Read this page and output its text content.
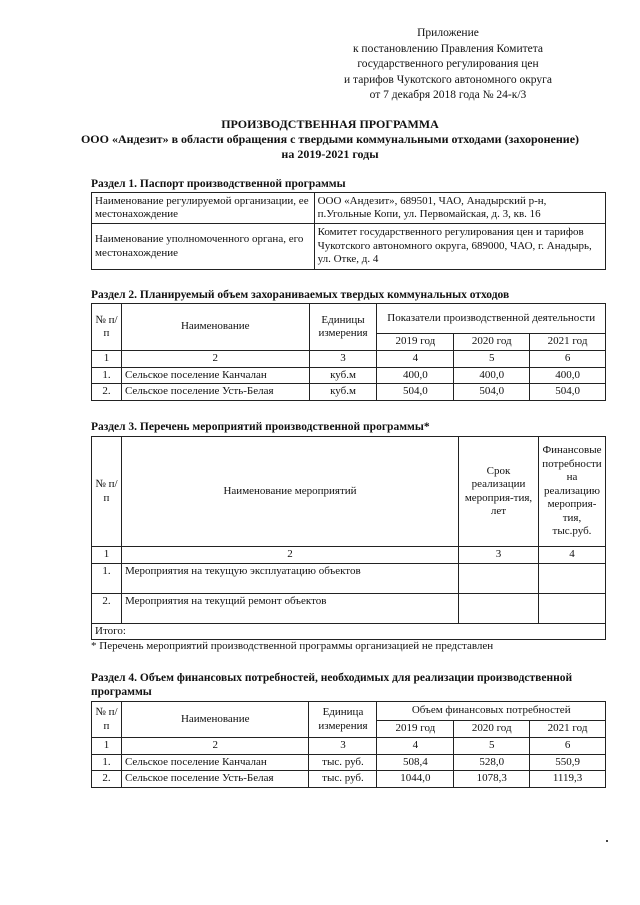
Приложение
к постановлению Правления Комитета
государственного регулирования цен
и тарифов Чукотского автономного округа
от 7 декабря 2018 года № 24-к/3
ПРОИЗВОДСТВЕННАЯ ПРОГРАММА
ООО «Андезит» в области обращения с твердыми коммунальными отходами (захоронение)
на 2019-2021 годы
Раздел 1. Паспорт производственной программы
Наименование регулируемой организации, ее местонахождение	ООО «Андезит», 689501, ЧАО, Анадырский р-н, п.Угольные Копи, ул. Первомайская, д. 3, кв. 16
Наименование уполномоченного органа, его местонахождение	Комитет государственного регулирования цен и тарифов Чукотского автономного округа, 689000, ЧАО, г. Анадырь, ул. Отке, д. 4
Раздел 2. Планируемый объем захораниваемых твердых коммунальных отходов
№ п/п	Наименование	Единицы измерения	Показатели производственной деятельности		
			2019 год	2020 год	2021 год
1	2	3	4	5	6
1.	Сельское поселение Канчалан	куб.м	400,0	400,0	400,0
2.	Сельское поселение Усть-Белая	куб.м	504,0	504,0	504,0
Раздел 3. Перечень мероприятий производственной программы*
№ п/п	Наименование мероприятий	Срок реализации мероприя-тия, лет	Финансовые потребности на реализацию мероприя-тия, тыс.руб.
1	2	3	4
1.	Мероприятия на текущую эксплуатацию объектов		
2.	Мероприятия на текущий ремонт объектов		
Итого:			
* Перечень мероприятий производственной программы организацией не представлен
Раздел 4. Объем финансовых потребностей, необходимых для реализации производственной программы
№ п/п	Наименование	Единица измерения	Объем финансовых потребностей		
			2019 год	2020 год	2021 год
1	2	3	4	5	6
1.	Сельское поселение Канчалан	тыс. руб.	508,4	528,0	550,9
2.	Сельское поселение Усть-Белая	тыс. руб.	1044,0	1078,3	1119,3
